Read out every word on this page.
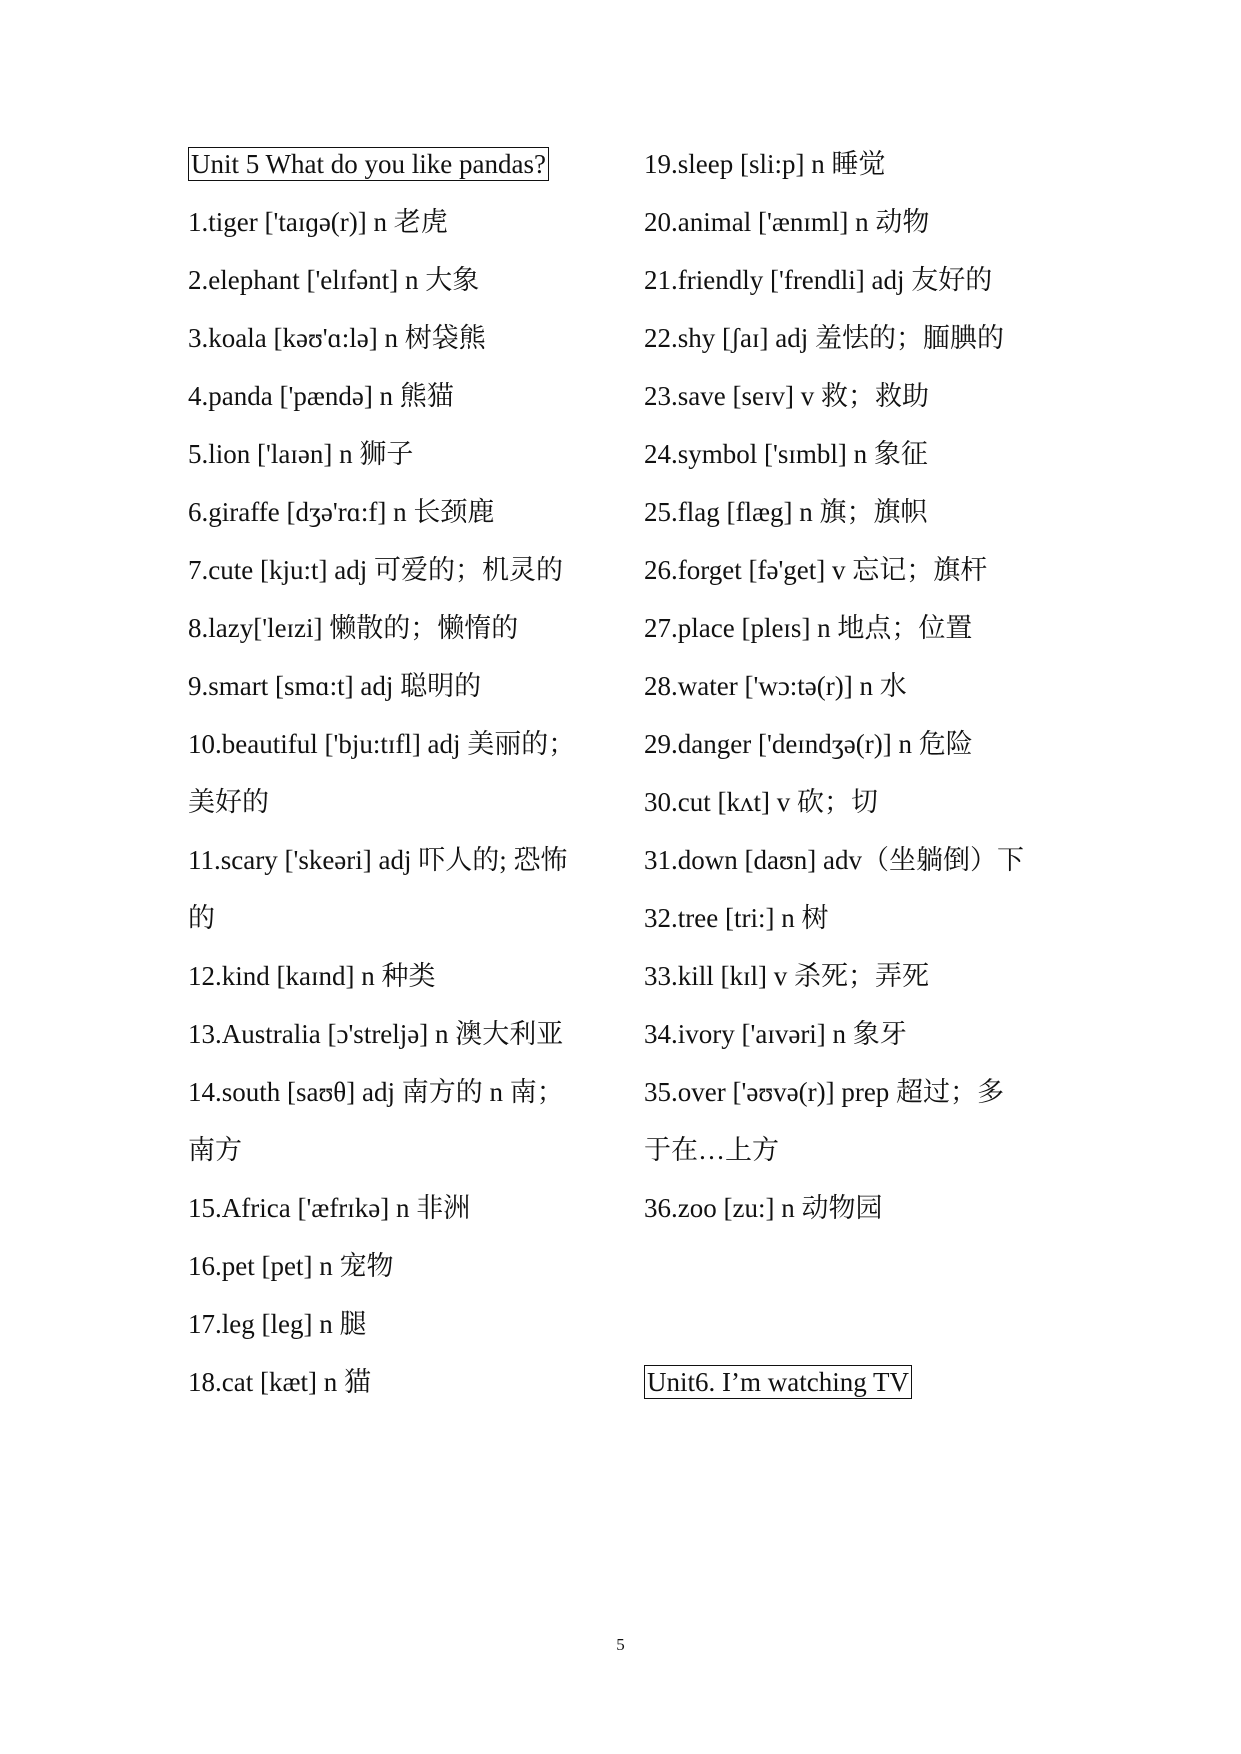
Unit 5 What do you like pandas?
1.tiger ['taɪɡə(r)] n 老虎
2.elephant ['elɪfənt] n 大象
3.koala [kəʊ'ɑ:lə] n 树袋熊
4.panda ['pændə] n 熊猫
5.lion ['laɪən] n 狮子
6.giraffe [dʒə'rɑ:f] n 长颈鹿
7.cute [kju:t] adj 可爱的；机灵的
8.lazy['leɪzi] 懒散的；懒惰的
9.smart [smɑ:t] adj 聪明的
10.beautiful ['bju:tɪfl] adj 美丽的；
美好的
11.scary ['skeəri] adj 吓人的; 恐怖
的
12.kind [kaɪnd] n 种类
13.Australia [ɔ'streljə] n 澳大利亚
14.south [saʊθ] adj 南方的 n 南；
南方
15.Africa ['æfrɪkə] n 非洲
16.pet [pet] n 宠物
17.leg [leg] n 腿
18.cat [kæt] n 猫
19.sleep [sli:p] n 睡觉
20.animal ['ænɪml] n 动物
21.friendly ['frendli] adj 友好的
22.shy [ʃaɪ] adj 羞怯的；腼腆的
23.save [seɪv] v 救；救助
24.symbol ['sɪmbl] n 象征
25.flag [flæg] n 旗；旗帜
26.forget [fə'get] v 忘记；旗杆
27.place [pleɪs] n 地点；位置
28.water ['wɔ:tə(r)] n 水
29.danger ['deɪndʒə(r)] n 危险
30.cut [kʌt] v 砍；切
31.down [daʊn] adv（坐躺倒）下
32.tree [tri:] n 树
33.kill [kɪl] v 杀死；弄死
34.ivory ['aɪvəri] n 象牙
35.over ['əʊvə(r)] prep 超过；多
于在…上方
36.zoo [zu:] n 动物园
Unit6. I’m watching TV
5
